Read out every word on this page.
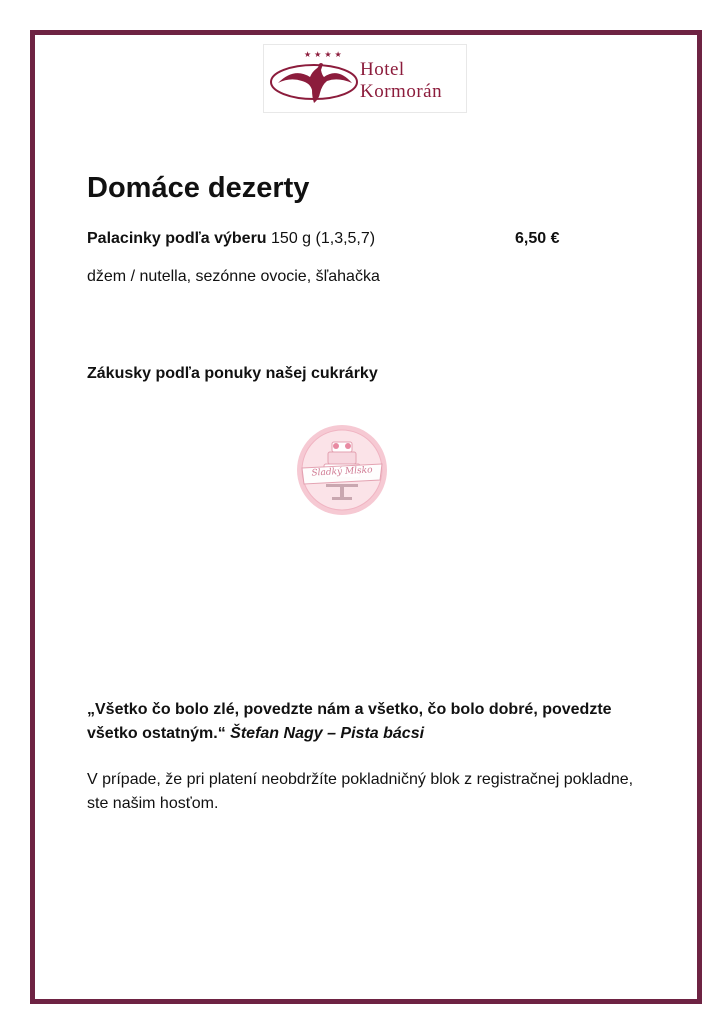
★★★★
Hotel
Kormorán
Domáce dezerty
Palacinky podľa výberu 150 g (1,3,5,7)	6,50 €
džem / nutella, sezónne ovocie, šľahačka
Zákusky podľa ponuky našej cukrárky
Sladký Mlsko
„Všetko čo bolo zlé, povedzte nám a všetko, čo bolo dobré, povedzte všetko ostatným.“ Štefan Nagy – Pista bácsi
V prípade, že pri platení neobdržíte pokladničný blok z registračnej pokladne, ste našim hosťom.
